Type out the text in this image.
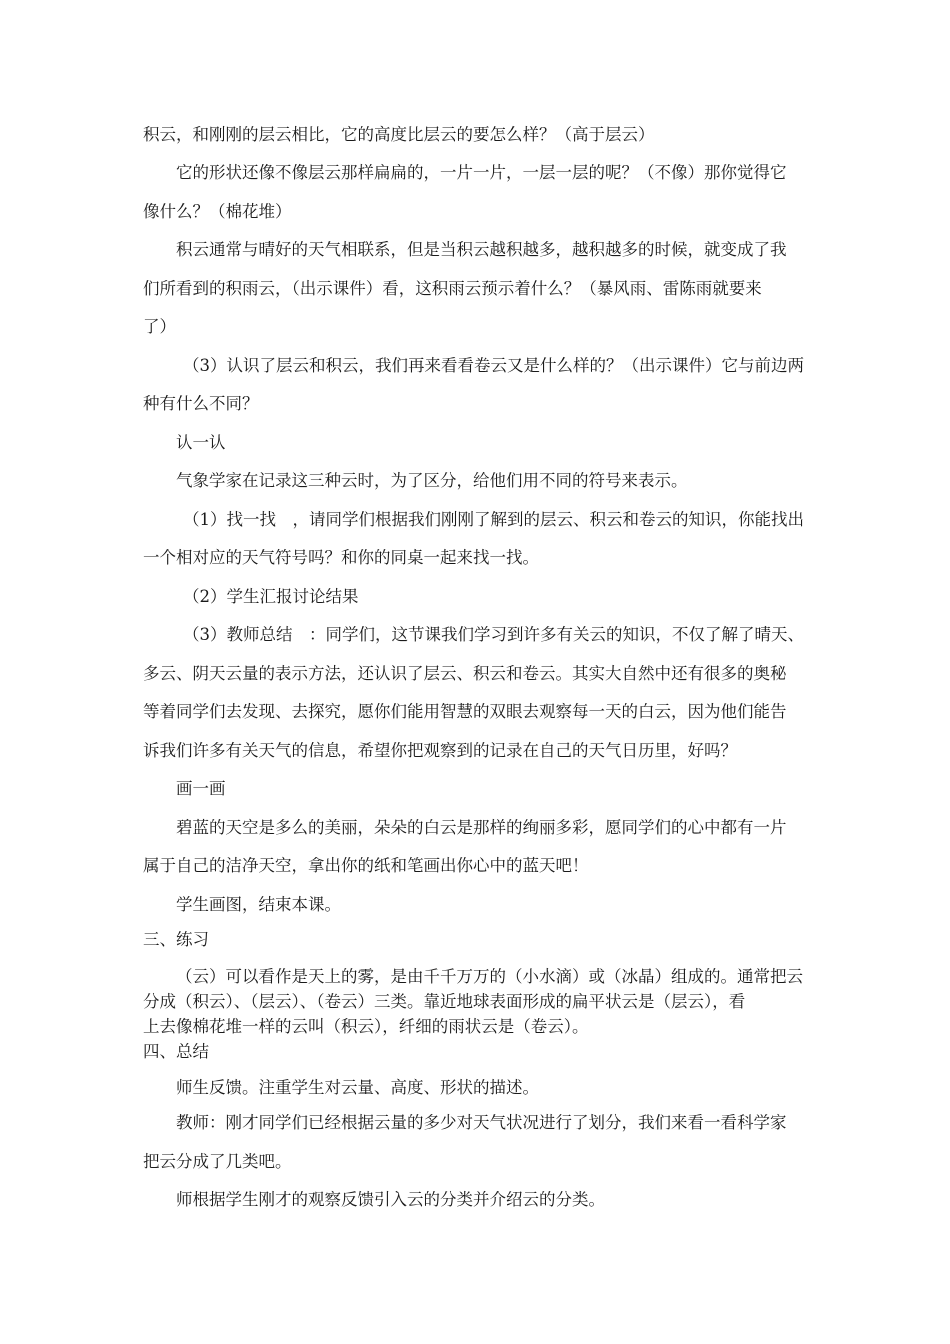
积云，和刚刚的层云相比，它的高度比层云的要怎么样？（高于层云）
它的形状还像不像层云那样扁扁的，一片一片，一层一层的呢？（不像）那你觉得它
像什么？（棉花堆）
积云通常与晴好的天气相联系，但是当积云越积越多，越积越多的时候，就变成了我
们所看到的积雨云，（出示课件）看，这积雨云预示着什么？（暴风雨、雷陈雨就要来
了）
（3）认识了层云和积云，我们再来看看卷云又是什么样的？（出示课件）它与前边两
种有什么不同？
认一认
气象学家在记录这三种云时，为了区分，给他们用不同的符号来表示。
（1）找一找　，请同学们根据我们刚刚了解到的层云、积云和卷云的知识，你能找出
一个相对应的天气符号吗？和你的同桌一起来找一找。
（2）学生汇报讨论结果
（3）教师总结　：同学们，这节课我们学习到许多有关云的知识，不仅了解了晴天、
多云、阴天云量的表示方法，还认识了层云、积云和卷云。其实大自然中还有很多的奥秘
等着同学们去发现、去探究，愿你们能用智慧的双眼去观察每一天的白云，因为他们能告
诉我们许多有关天气的信息，希望你把观察到的记录在自己的天气日历里，好吗？
画一画
碧蓝的天空是多么的美丽，朵朵的白云是那样的绚丽多彩，愿同学们的心中都有一片
属于自己的洁净天空，拿出你的纸和笔画出你心中的蓝天吧！
学生画图，结束本课。
三、练习
（云）可以看作是天上的雾，是由千千万万的（小水滴）或（冰晶）组成的。通常把云
分成（积云）、（层云）、（卷云）三类。靠近地球表面形成的扁平状云是（层云），看
上去像棉花堆一样的云叫（积云），纤细的雨状云是（卷云）。
四、总结
师生反馈。注重学生对云量、高度、形状的描述。
教师：刚才同学们已经根据云量的多少对天气状况进行了划分，我们来看一看科学家
把云分成了几类吧。
师根据学生刚才的观察反馈引入云的分类并介绍云的分类。
